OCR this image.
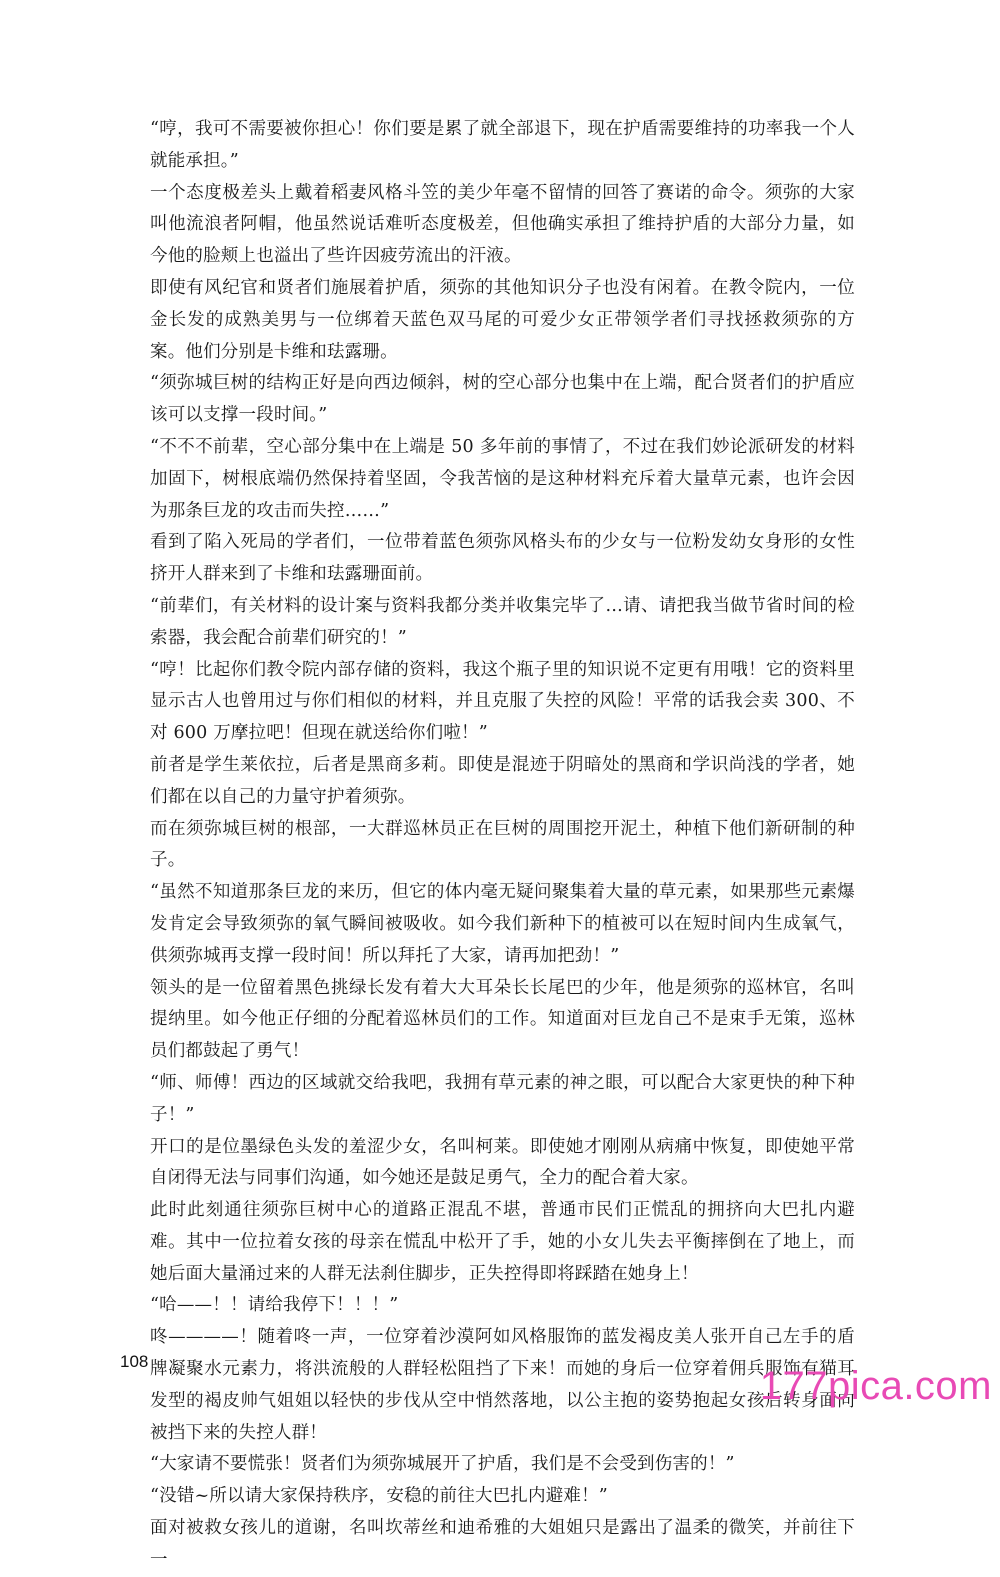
“哼，我可不需要被你担心！你们要是累了就全部退下，现在护盾需要维持的功率我一个人就能承担。”

一个态度极差头上戴着稻妻风格斗笠的美少年毫不留情的回答了赛诺的命令。须弥的大家叫他流浪者阿帽，他虽然说话难听态度极差，但他确实承担了维持护盾的大部分力量，如今他的脸颊上也溢出了些许因疲劳流出的汗液。

即使有风纪官和贤者们施展着护盾，须弥的其他知识分子也没有闲着。在教令院内，一位金长发的成熟美男与一位绑着天蓝色双马尾的可爱少女正带领学者们寻找拯救须弥的方案。他们分别是卡维和珐露珊。

“须弥城巨树的结构正好是向西边倾斜，树的空心部分也集中在上端，配合贤者们的护盾应该可以支撑一段时间。”

“不不不前辈，空心部分集中在上端是 50 多年前的事情了，不过在我们妙论派研发的材料加固下，树根底端仍然保持着坚固，令我苦恼的是这种材料充斥着大量草元素，也许会因为那条巨龙的攻击而失控……”

看到了陷入死局的学者们，一位带着蓝色须弥风格头布的少女与一位粉发幼女身形的女性挤开人群来到了卡维和珐露珊面前。

“前辈们，有关材料的设计案与资料我都分类并收集完毕了…请、请把我当做节省时间的检索器，我会配合前辈们研究的！”

“哼！比起你们教令院内部存储的资料，我这个瓶子里的知识说不定更有用哦！它的资料里显示古人也曾用过与你们相似的材料，并且克服了失控的风险！平常的话我会卖 300、不对 600 万摩拉吧！但现在就送给你们啦！”

前者是学生莱依拉，后者是黑商多莉。即使是混迹于阴暗处的黑商和学识尚浅的学者，她们都在以自己的力量守护着须弥。

而在须弥城巨树的根部，一大群巡林员正在巨树的周围挖开泥土，种植下他们新研制的种子。

“虽然不知道那条巨龙的来历，但它的体内毫无疑问聚集着大量的草元素，如果那些元素爆发肯定会导致须弥的氧气瞬间被吸收。如今我们新种下的植被可以在短时间内生成氧气，供须弥城再支撑一段时间！所以拜托了大家，请再加把劲！”

领头的是一位留着黑色挑绿长发有着大大耳朵长长尾巴的少年，他是须弥的巡林官，名叫提纳里。如今他正仔细的分配着巡林员们的工作。知道面对巨龙自己不是束手无策，巡林员们都鼓起了勇气！

“师、师傅！西边的区域就交给我吧，我拥有草元素的神之眼，可以配合大家更快的种下种子！”

开口的是位墨绿色头发的羞涩少女，名叫柯莱。即使她才刚刚从病痛中恢复，即使她平常自闭得无法与同事们沟通，如今她还是鼓足勇气，全力的配合着大家。

此时此刻通往须弥巨树中心的道路正混乱不堪，普通市民们正慌乱的拥挤向大巴扎内避难。其中一位拉着女孩的母亲在慌乱中松开了手，她的小女儿失去平衡摔倒在了地上，而她后面大量涌过来的人群无法刹住脚步，正失控得即将踩踏在她身上！

“哈——！！请给我停下！！！”

咚————！随着咚一声，一位穿着沙漠阿如风格服饰的蓝发褐皮美人张开自己左手的盾牌凝聚水元素力，将洪流般的人群轻松阻挡了下来！而她的身后一位穿着佣兵服饰有猫耳发型的褐皮帅气姐姐以轻快的步伐从空中悄然落地，以公主抱的姿势抱起女孩后转身面向被挡下来的失控人群！

“大家请不要慌张！贤者们为须弥城展开了护盾，我们是不会受到伤害的！”

“没错~所以请大家保持秩序，安稳的前往大巴扎内避难！”

面对被救女孩儿的道谢，名叫坎蒂丝和迪希雅的大姐姐只是露出了温柔的微笑，并前往下一

108
177pica.com
